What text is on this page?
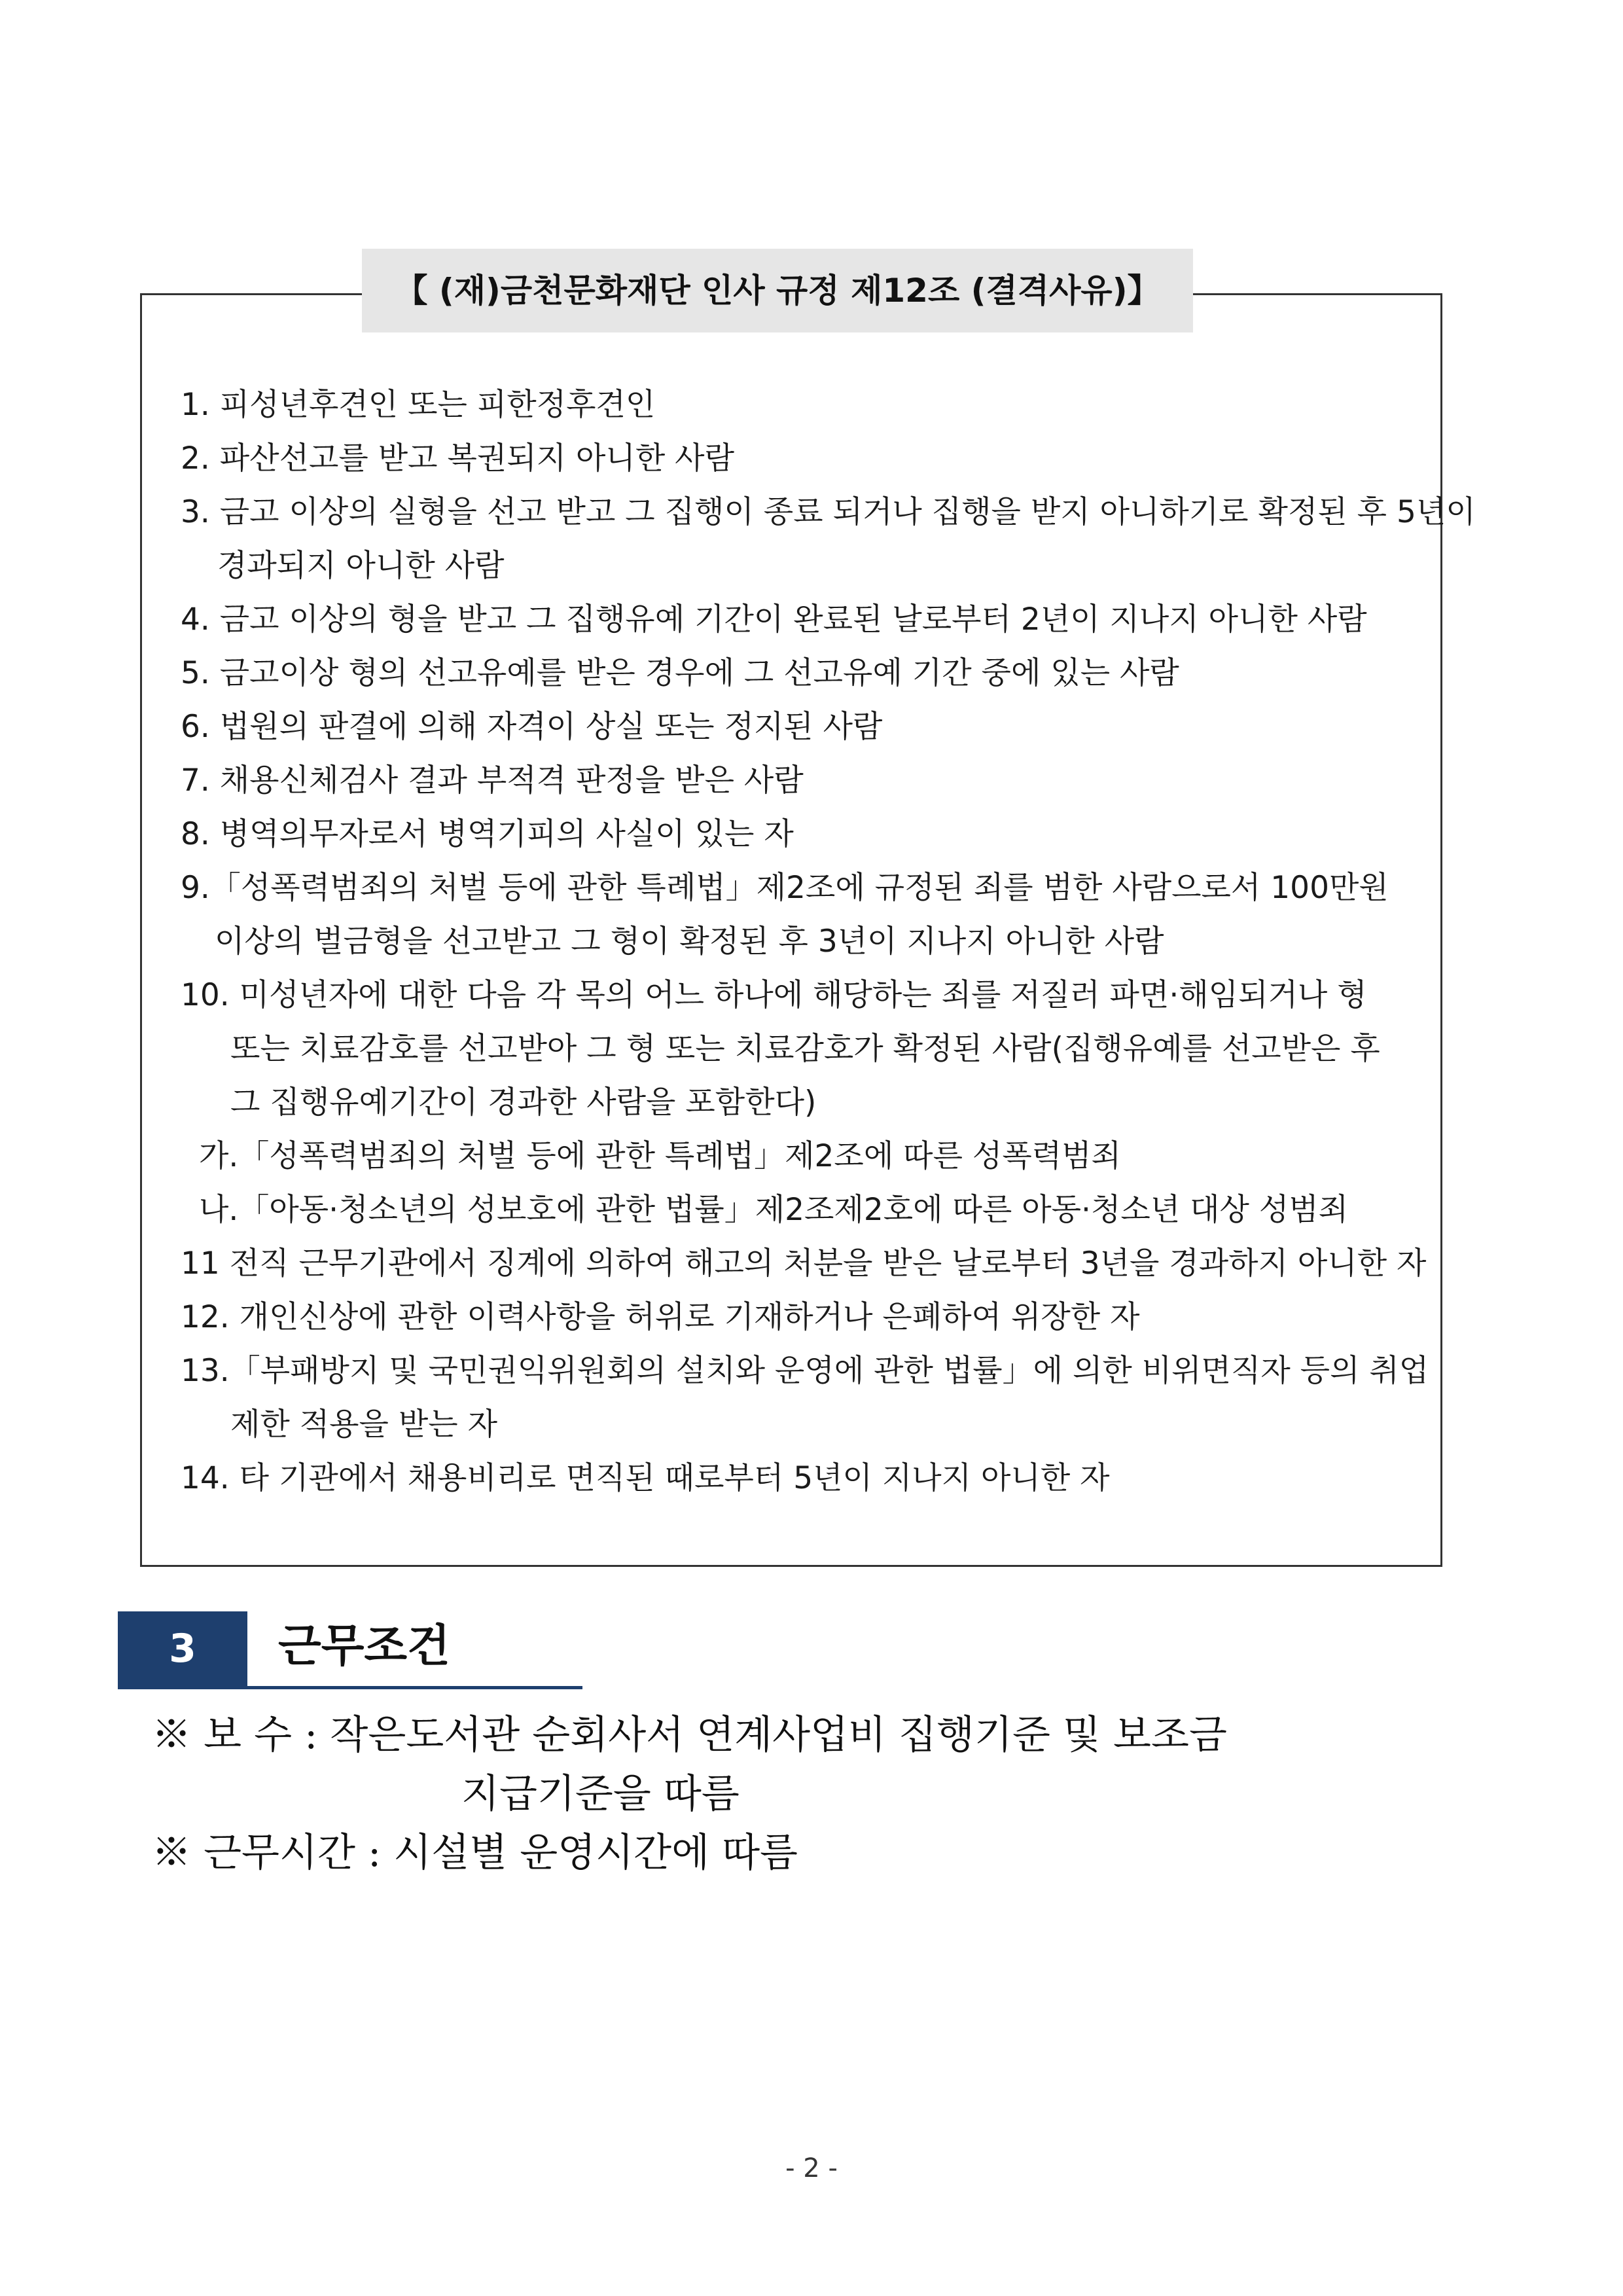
【 (재)금천문화재단 인사 규정 제12조 (결격사유)】
1. 피성년후견인 또는 피한정후견인
2. 파산선고를 받고 복권되지 아니한 사람
3. 금고 이상의 실형을 선고 받고 그 집행이 종료 되거나 집행을 받지 아니하기로 확정된 후 5년이
경과되지 아니한 사람
4. 금고 이상의 형을 받고 그 집행유예 기간이 완료된 날로부터 2년이 지나지 아니한 사람
5. 금고이상 형의 선고유예를 받은 경우에 그 선고유예 기간 중에 있는 사람
6. 법원의 판결에 의해 자격이 상실 또는 정지된 사람
7. 채용신체검사 결과 부적격 판정을 받은 사람
8. 병역의무자로서 병역기피의 사실이 있는 자
9.「성폭력범죄의 처벌 등에 관한 특례법」제2조에 규정된 죄를 범한 사람으로서 100만원
이상의 벌금형을 선고받고 그 형이 확정된 후 3년이 지나지 아니한 사람
10. 미성년자에 대한 다음 각 목의 어느 하나에 해당하는 죄를 저질러 파면·해임되거나 형
또는 치료감호를 선고받아 그 형 또는 치료감호가 확정된 사람(집행유예를 선고받은 후
그 집행유예기간이 경과한 사람을 포함한다)
가.「성폭력범죄의 처벌 등에 관한 특례법」제2조에 따른 성폭력범죄
나.「아동·청소년의 성보호에 관한 법률」제2조제2호에 따른 아동·청소년 대상 성범죄
11 전직 근무기관에서 징계에 의하여 해고의 처분을 받은 날로부터 3년을 경과하지 아니한 자
12. 개인신상에 관한 이력사항을 허위로 기재하거나 은폐하여 위장한 자
13.「부패방지 및 국민권익위원회의 설치와 운영에 관한 법률」에 의한 비위면직자 등의 취업
제한 적용을 받는 자
14. 타 기관에서 채용비리로 면직된 때로부터 5년이 지나지 아니한 자
3	근무조건
※ 보 수 : 작은도서관 순회사서 연계사업비 집행기준 및 보조금
지급기준을 따름
※ 근무시간 : 시설별 운영시간에 따름
- 2 -
